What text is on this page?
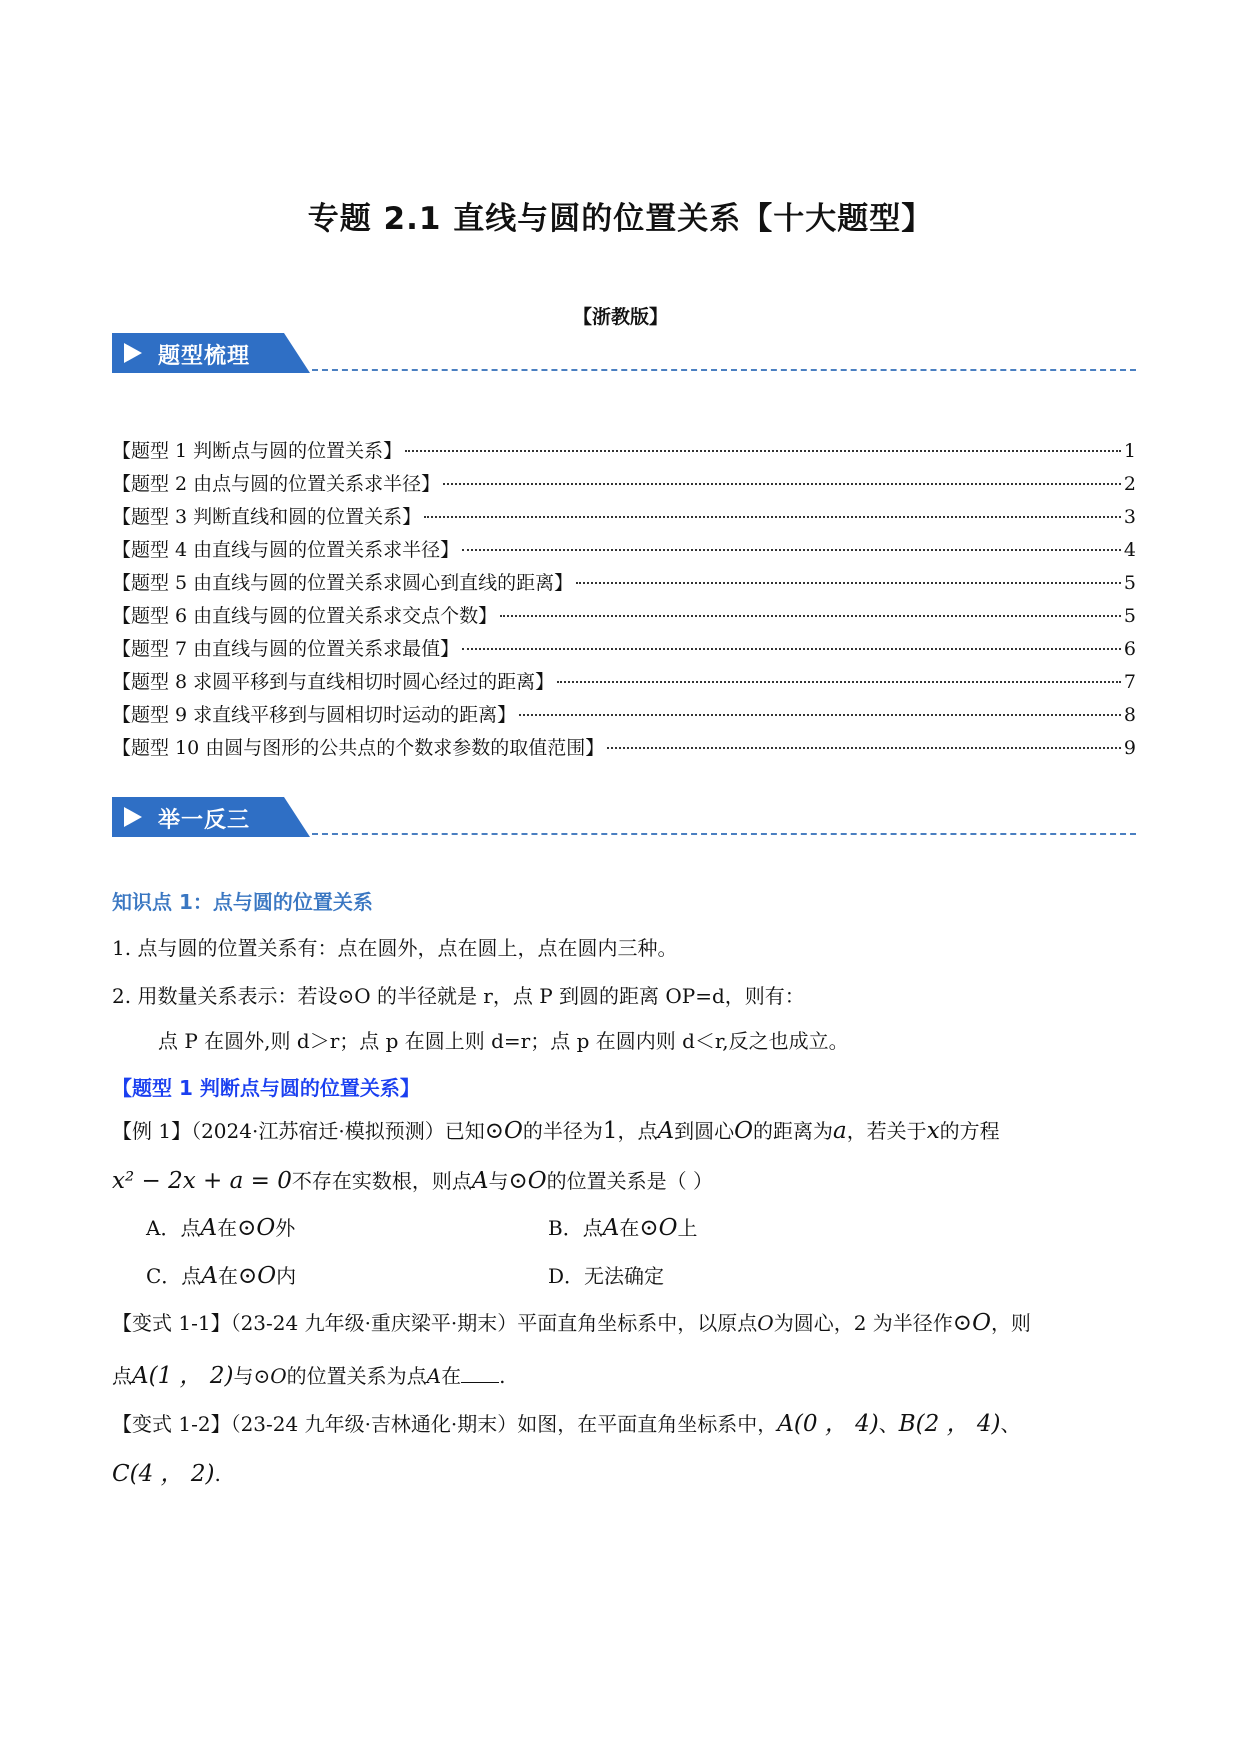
专题 2.1 直线与圆的位置关系【十大题型】
【浙教版】
题型梳理
【题型 1 判断点与圆的位置关系】	1
【题型 2 由点与圆的位置关系求半径】	2
【题型 3 判断直线和圆的位置关系】	3
【题型 4 由直线与圆的位置关系求半径】	4
【题型 5 由直线与圆的位置关系求圆心到直线的距离】	5
【题型 6 由直线与圆的位置关系求交点个数】	5
【题型 7 由直线与圆的位置关系求最值】	6
【题型 8 求圆平移到与直线相切时圆心经过的距离】	7
【题型 9 求直线平移到与圆相切时运动的距离】	8
【题型 10 由圆与图形的公共点的个数求参数的取值范围】	9
举一反三
知识点 1：点与圆的位置关系
1. 点与圆的位置关系有：点在圆外，点在圆上，点在圆内三种。
2. 用数量关系表示：若设⊙O 的半径就是 r，点 P 到圆的距离 OP=d，则有：
点 P 在圆外,则 d＞r；点 p 在圆上则 d=r；点 p 在圆内则 d＜r,反之也成立。
【题型 1 判断点与圆的位置关系】
【例 1】（2024·江苏宿迁·模拟预测）已知⊙O的半径为1，点A到圆心O的距离为a，若关于x的方程
x² − 2x + a = 0不存在实数根，则点A与⊙O的位置关系是（ ）
A．点A在⊙O外	B．点A在⊙O上
C．点A在⊙O内	D．无法确定
【变式 1-1】（23-24 九年级·重庆梁平·期末）平面直角坐标系中，以原点O为圆心，2 为半径作⊙O，则
点A(1 ， 2)与⊙O的位置关系为点A在 .
【变式 1-2】（23-24 九年级·吉林通化·期末）如图，在平面直角坐标系中，A(0 ， 4)、B(2 ， 4)、
C(4 ， 2).
